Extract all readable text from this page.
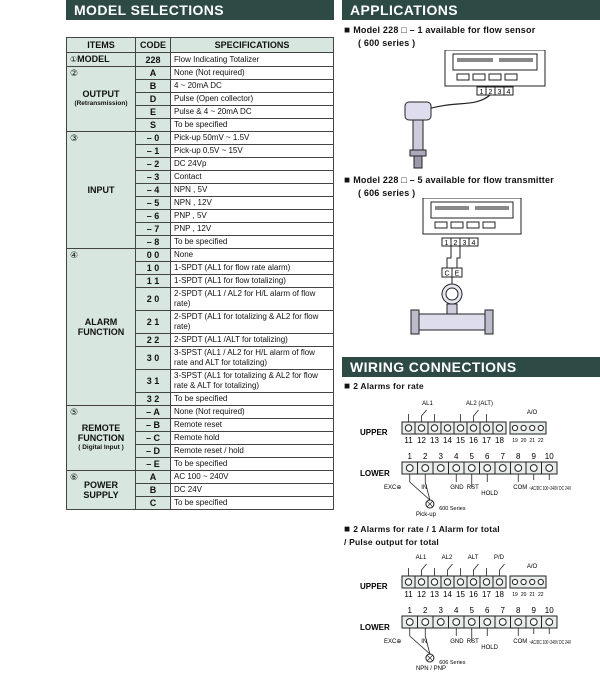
MODEL SELECTIONS	APPLICATIONS
ITEMS	CODE	SPECIFICATIONS
①MODEL	228	Flow Indicating Totalizer

②
OUTPUT
(Retransmission)	A	None (Not required)
	B	4 ~ 20mA DC
	D	Pulse (Open collector)
	E	Pulse & 4 ~ 20mA DC
	S	To be specified

③
INPUT	– 0	Pick-up 50mV ~ 1.5V
	– 1	Pick-up 0.5V ~ 15V
	– 2	DC 24Vp
	– 3	Contact
	– 4	NPN , 5V
	– 5	NPN , 12V
	– 6	PNP , 5V
	– 7	PNP , 12V
	– 8	To be specified

④
ALARM FUNCTION	0 0	None
	1 0	1-SPDT (AL1 for flow rate alarm)
	1 1	1-SPDT (AL1 for flow totalizing)
	2 0	2-SPDT (AL1 / AL2 for H/L alarm of flow rate)
	2 1	2-SPDT (AL1 for totalizing & AL2 for flow rate)
	2 2	2-SPDT (AL1 /ALT for totalizing)
	3 0	3-SPST (AL1 / AL2 for H/L alarm of flow rate and ALT for totalizing)
	3 1	3-SPST (AL1 for totalizing & AL2 for flow rate & ALT for totalizing)
	3 2	To be specified

⑤
REMOTE FUNCTION
( Digital Input )	– A	None (Not required)
	– B	Remote reset
	– C	Remote hold
	– D	Remote reset / hold
	– E	To be specified

⑥
POWER SUPPLY	A	AC 100 ~ 240V
	B	DC 24V
	C	To be specified
■ Model 228 □ – 1 available for flow sensor
( 600 series )
1 2 3 4
■ Model 228 □ – 5 available for flow transmitter
( 606 series )
1 2 3 4
C E
WIRING CONNECTIONS
■ 2 Alarms for rate
■ 2 Alarms for rate / 1 Alarm for total
/ Pulse output for total
UPPER
11 12 13 14 15 16 17 18 19 20 21 22
A/O
AL1	AL2 (ALT)
LOWER
1 2 3 4 5 6 7 8 9 10
EXC⊕	IN	GND RST
HOLD
COM ~AC/DC 100~240V DC 24V
600 Series
Pick-up
UPPER
11 12 13 14 15 16 17 18 19 20 21 22
A/O
AL1	AL2	ALT	P/D
LOWER
1 2 3 4 5 6 7 8 9 10
EXC⊕	IN	GND RST
HOLD
COM ~AC/DC 100~240V DC 24V
606 Series
NPN / PNP
